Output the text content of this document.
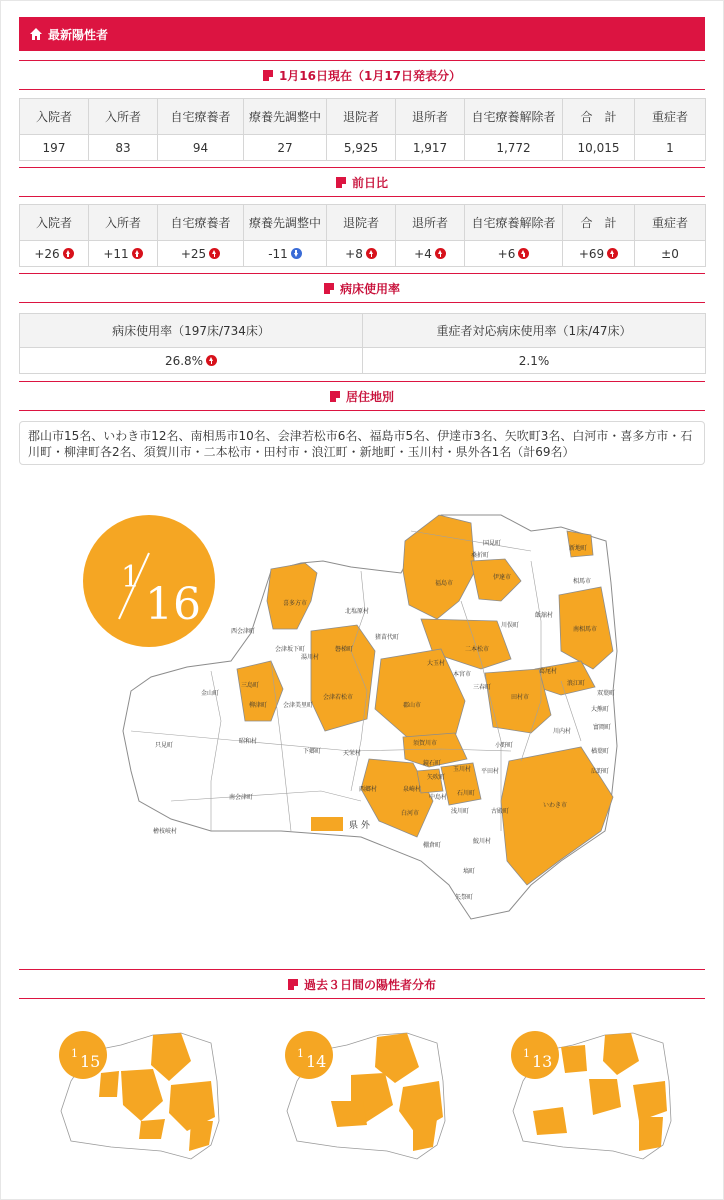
最新陽性者
1月16日現在（1月17日発表分）
入院者	入所者	自宅療養者	療養先調整中	退院者	退所者	自宅療養解除者	合　計	重症者
197	83	94	27	5,925	1,917	1,772	10,015	1
前日比
入院者	入所者	自宅療養者	療養先調整中	退院者	退所者	自宅療養解除者	合　計	重症者
+26	+11	+25	-11	+8	+4	+6	+69	±0
病床使用率
病床使用率（197床/734床）	重症者対応病床使用率（1床/47床）
26.8%	2.1%
居住地別
郡山市15名、いわき市12名、南相馬市10名、会津若松市6名、福島市5名、伊達市3名、矢吹町3名、白河市・喜多方市・石川町・柳津町各2名、須賀川市・二本松市・田村市・浪江町・新地町・玉川村・県外各1名（計69名）
1
16
県 外
新地町
相馬市
国見町
桑折町
伊達市
福島市
川俣町
飯舘村
南相馬市
喜多方市
北塩原村
西会津町
猪苗代町
磐梯町
会津坂下町
湯川村
二本松市
大玉村
本宮市
浪江町
葛尾村
双葉町
大熊町
富岡町
楢葉町
広野町
川内村
田村市
三春町
郡山市
会津若松市
会津美里町
三島町
柳津町
金山町
只見町
昭和村
下郷町	天栄村
南会津町
檜枝岐村
須賀川市
鏡石町
矢吹町
玉川村 平田村
小野町
石川町
泉崎村
中島村
白河市
西郷村
浅川町	古殿町
棚倉町
鮫川村
塙町
矢祭町
いわき市
過去３日間の陽性者分布
1 15	1 14	1 13
